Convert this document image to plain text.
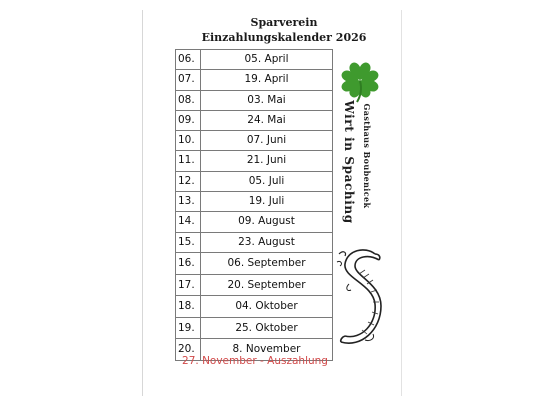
Sparverein
Einzahlungskalender 2026
06.	05. April
07.	19. April
08.	03. Mai
09.	24. Mai
10.	07. Juni
11.	21. Juni
12.	05. Juli
13.	19. Juli
14.	09. August
15.	23. August
16.	06. September
17.	20. September
18.	04. Oktober
19.	25. Oktober
20.	8. November
27. November - Auszahlung
Gasthaus Boubenicek
Wirt in Spaching
